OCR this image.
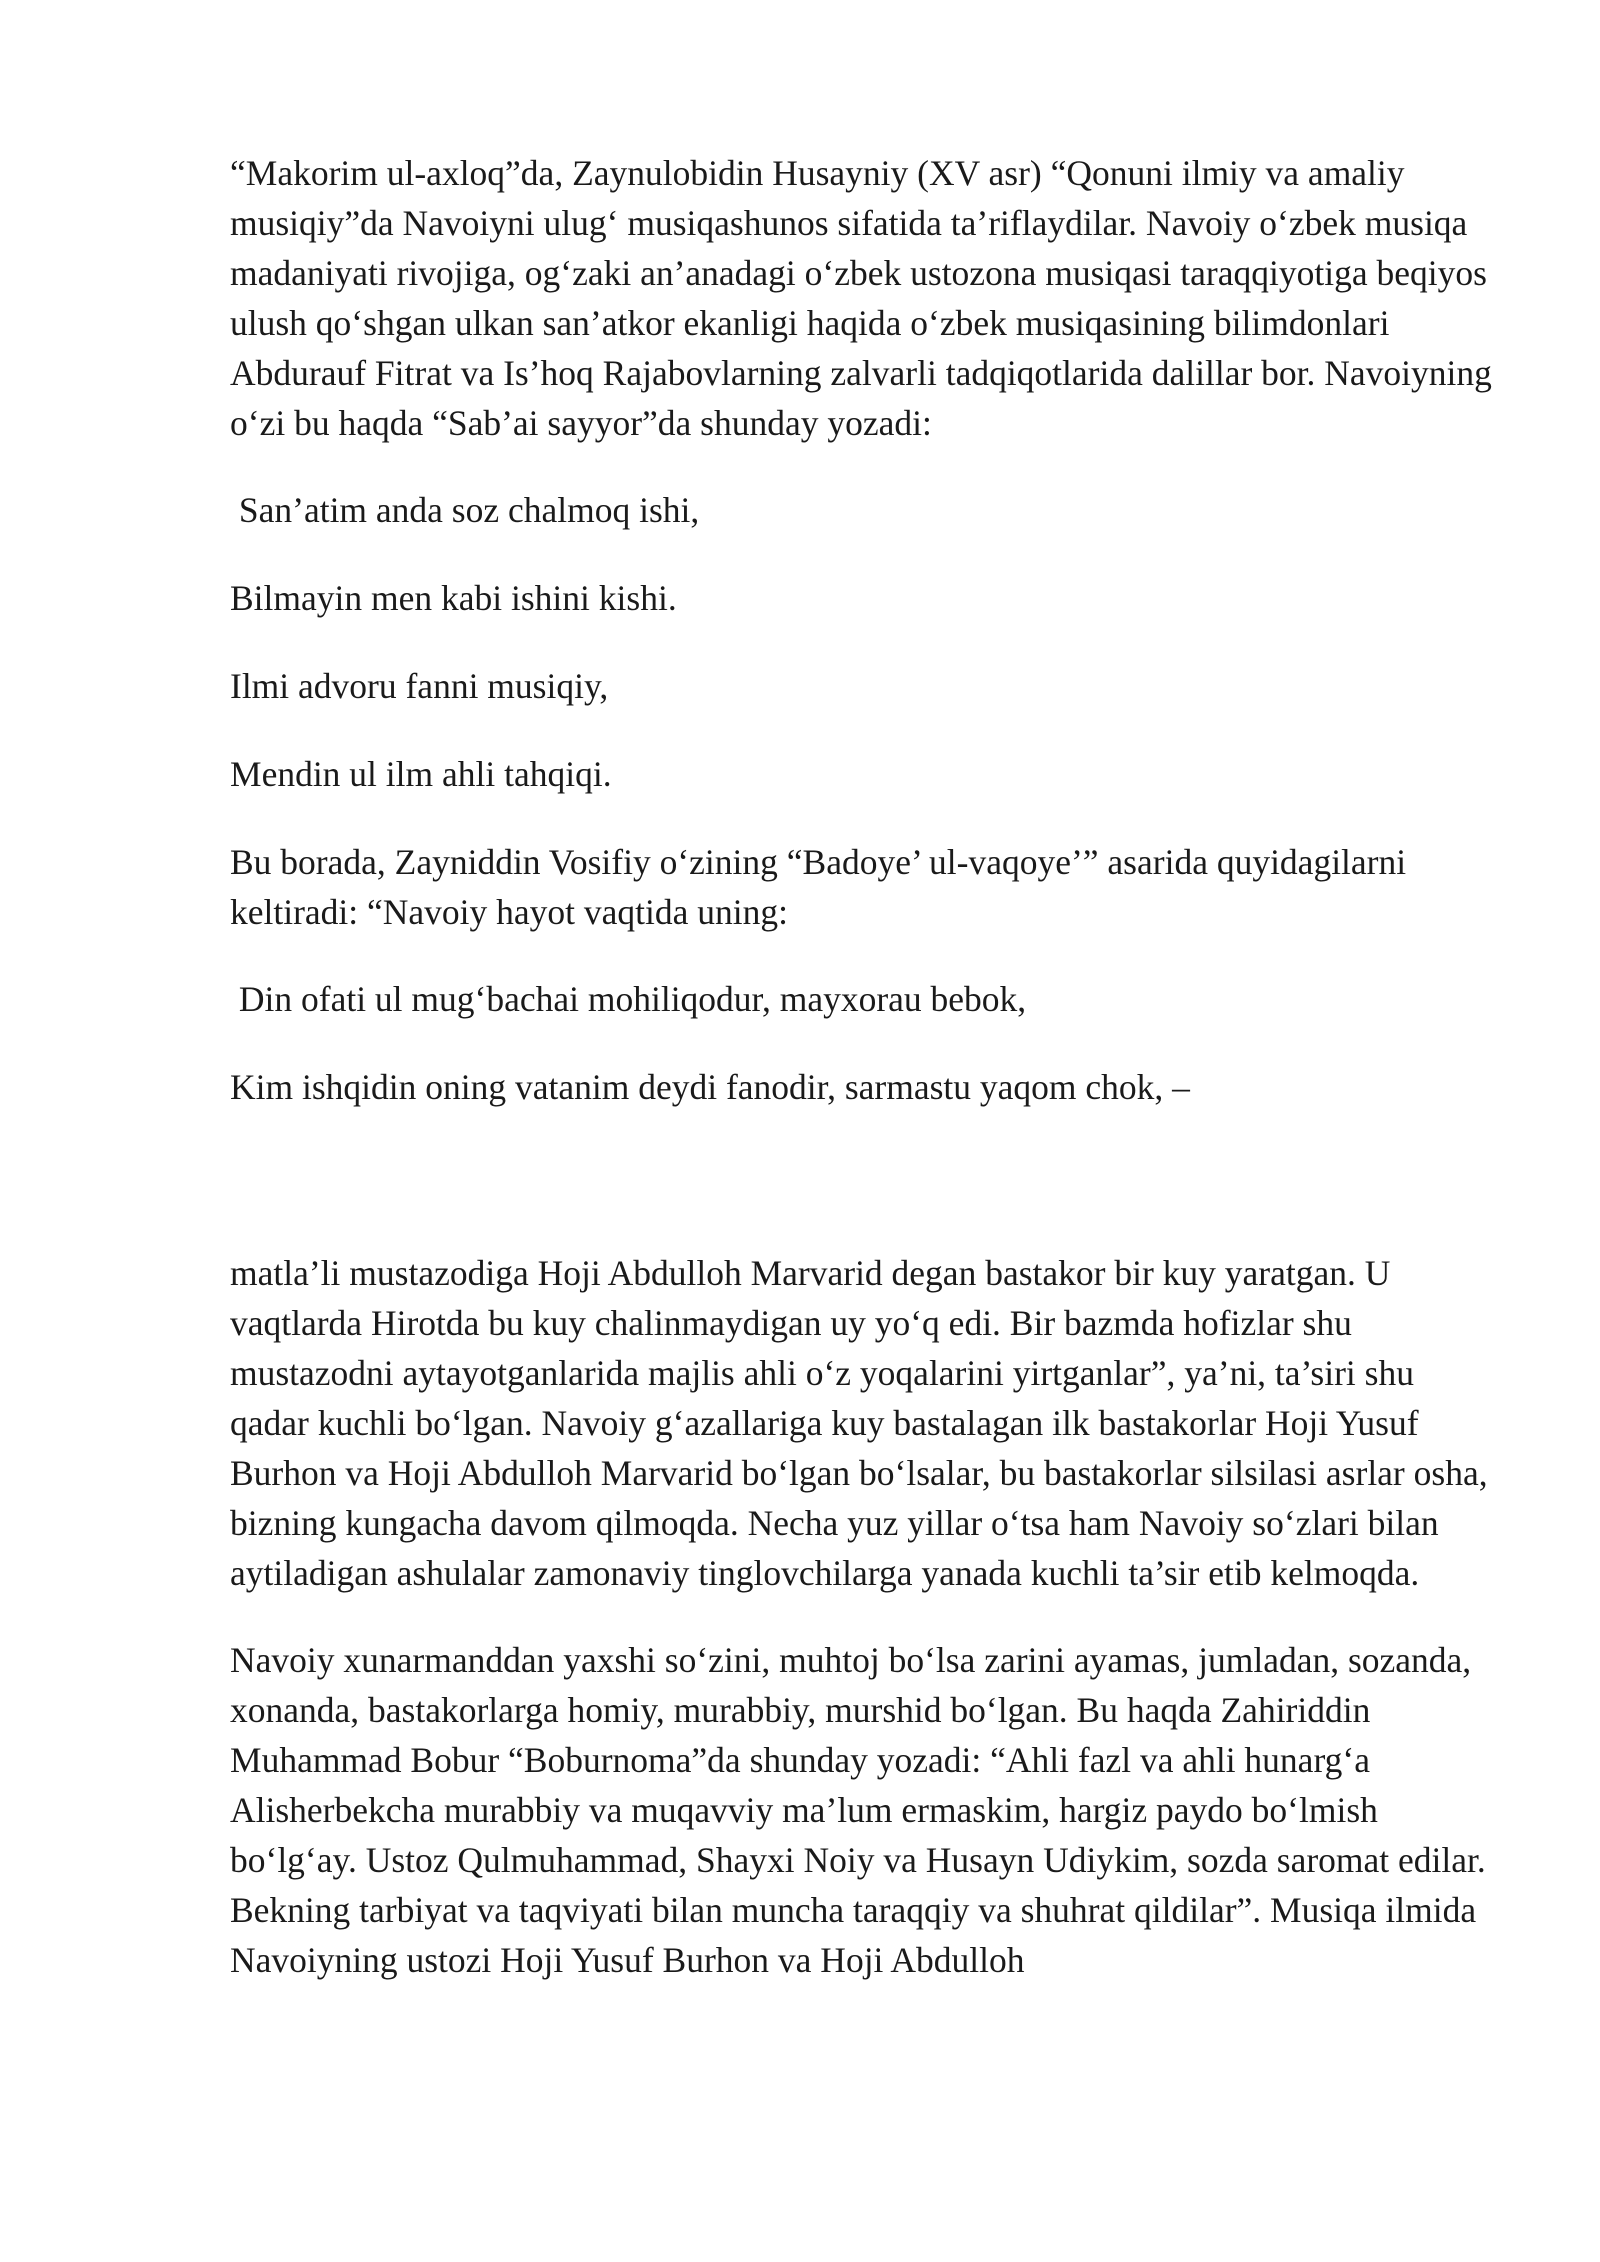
“Makorim ul-axloq”da, Zaynulobidin Husayniy (XV asr) “Qonuni ilmiy va amaliy musiqiy”da Navoiyni ulug‘ musiqashunos sifatida ta’riflaydilar. Navoiy o‘zbek musiqa madaniyati rivojiga, og‘zaki an’anadagi o‘zbek ustozona musiqasi taraqqiyotiga beqiyos ulush qo‘shgan ulkan san’atkor ekanligi haqida o‘zbek musiqasining bilimdonlari Abdurauf Fitrat va Is’hoq Rajabovlarning zalvarli tadqiqotlarida dalillar bor. Navoiyning o‘zi bu haqda “Sab’ai sayyor”da shunday yozadi:

San’atim anda soz chalmoq ishi,

Bilmayin men kabi ishini kishi.

Ilmi advoru fanni musiqiy,

Mendin ul ilm ahli tahqiqi.

Bu borada, Zayniddin Vosifiy o‘zining “Badoye’ ul-vaqoye’” asarida quyidagilarni keltiradi: “Navoiy hayot vaqtida uning:

Din ofati ul mug‘bachai mohiliqodur, mayxorau bebok,

Kim ishqidin oning vatanim deydi fanodir, sarmastu yaqom chok, –

matla’li mustazodiga Hoji Abdulloh Marvarid degan bastakor bir kuy yaratgan. U vaqtlarda Hirotda bu kuy chalinmaydigan uy yo‘q edi. Bir bazmda hofizlar shu mustazodni aytayotganlarida majlis ahli o‘z yoqalarini yirtganlar”, ya’ni, ta’siri shu qadar kuchli bo‘lgan. Navoiy g‘azallariga kuy bastalagan ilk bastakorlar Hoji Yusuf Burhon va Hoji Abdulloh Marvarid bo‘lgan bo‘lsalar, bu bastakorlar silsilasi asrlar osha, bizning kungacha davom qilmoqda. Necha yuz yillar o‘tsa ham Navoiy so‘zlari bilan aytiladigan ashulalar zamonaviy tinglovchilarga yanada kuchli ta’sir etib kelmoqda.

Navoiy xunarmanddan yaxshi so‘zini, muhtoj bo‘lsa zarini ayamas, jumladan, sozanda, xonanda, bastakorlarga homiy, murabbiy, murshid bo‘lgan. Bu haqda Zahiriddin Muhammad Bobur “Boburnoma”da shunday yozadi: “Ahli fazl va ahli hunarg‘a Alisherbekcha murabbiy va muqavviy ma’lum ermaskim, hargiz paydo bo‘lmish bo‘lg‘ay. Ustoz Qulmuhammad, Shayxi Noiy va Husayn Udiykim, sozda saromat edilar. Bekning tarbiyat va taqviyati bilan muncha taraqqiy va shuhrat qildilar”. Musiqa ilmida Navoiyning ustozi Hoji Yusuf Burhon va Hoji Abdulloh
